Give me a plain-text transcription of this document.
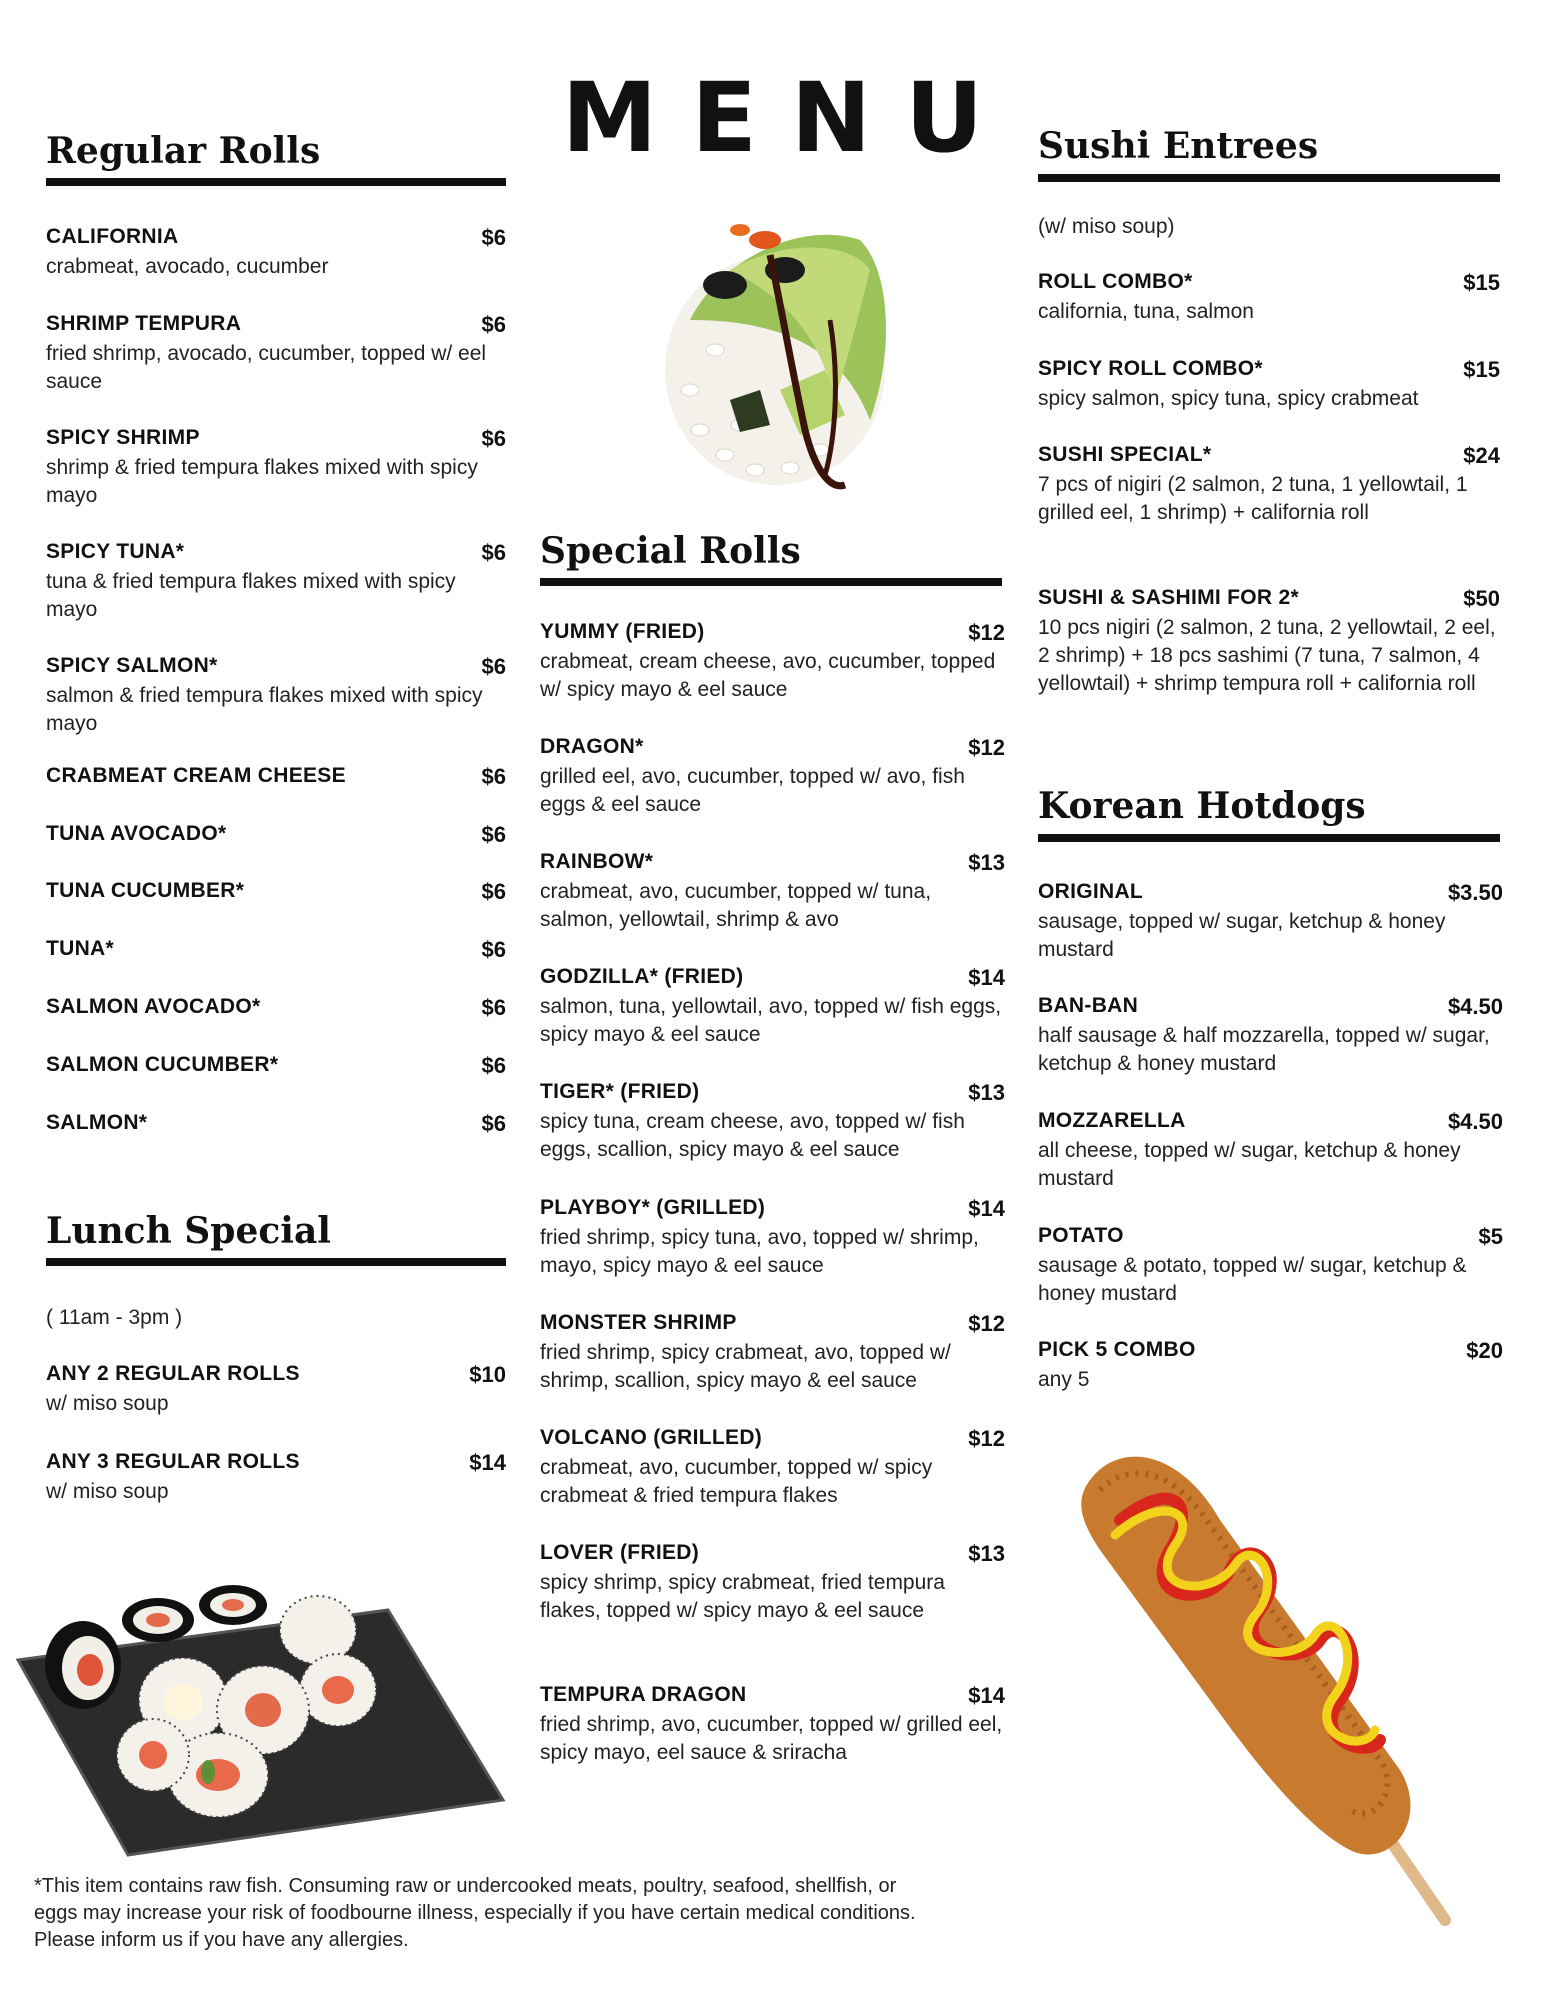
MENU
Regular Rolls
CALIFORNIA	$6
crabmeat, avocado, cucumber
SHRIMP TEMPURA	$6
fried shrimp, avocado, cucumber, topped w/ eel sauce
SPICY SHRIMP	$6
shrimp & fried tempura flakes mixed with spicy mayo
SPICY TUNA*	$6
tuna & fried tempura flakes mixed with spicy mayo
SPICY SALMON*	$6
salmon & fried tempura flakes mixed with spicy mayo
CRABMEAT CREAM CHEESE	$6
TUNA AVOCADO*	$6
TUNA CUCUMBER*	$6
TUNA*	$6
SALMON AVOCADO*	$6
SALMON CUCUMBER*	$6
SALMON*	$6
Lunch Special
( 11am - 3pm )
ANY 2 REGULAR ROLLS	$10
w/ miso soup
ANY 3 REGULAR ROLLS	$14
w/ miso soup
Special Rolls
YUMMY (FRIED)	$12
crabmeat, cream cheese, avo, cucumber, topped w/ spicy mayo & eel sauce
DRAGON*	$12
grilled eel, avo, cucumber, topped w/ avo, fish eggs & eel sauce
RAINBOW*	$13
crabmeat, avo, cucumber, topped w/ tuna, salmon, yellowtail, shrimp & avo
GODZILLA* (FRIED)	$14
salmon, tuna, yellowtail, avo, topped w/ fish eggs, spicy mayo & eel sauce
TIGER* (FRIED)	$13
spicy tuna, cream cheese, avo, topped w/ fish eggs, scallion, spicy mayo & eel sauce
PLAYBOY* (GRILLED)	$14
fried shrimp, spicy tuna, avo, topped w/ shrimp, mayo, spicy mayo & eel sauce
MONSTER SHRIMP	$12
fried shrimp, spicy crabmeat, avo, topped w/ shrimp, scallion, spicy mayo & eel sauce
VOLCANO (GRILLED)	$12
crabmeat, avo, cucumber, topped w/ spicy crabmeat & fried tempura flakes
LOVER (FRIED)	$13
spicy shrimp, spicy crabmeat, fried tempura flakes, topped w/ spicy mayo & eel sauce
TEMPURA DRAGON	$14
fried shrimp, avo, cucumber, topped w/ grilled eel, spicy mayo, eel sauce & sriracha
Sushi Entrees
(w/ miso soup)
ROLL COMBO*	$15
california, tuna, salmon
SPICY ROLL COMBO*	$15
spicy salmon, spicy tuna, spicy crabmeat
SUSHI SPECIAL*	$24
7 pcs of nigiri (2 salmon, 2 tuna, 1 yellowtail, 1 grilled eel, 1 shrimp) + california roll
SUSHI & SASHIMI FOR 2*	$50
10 pcs nigiri (2 salmon, 2 tuna, 2 yellowtail, 2 eel, 2 shrimp) + 18 pcs sashimi (7 tuna, 7 salmon, 4 yellowtail) + shrimp tempura roll + california roll
Korean Hotdogs
ORIGINAL	$3.50
sausage, topped w/ sugar, ketchup & honey mustard
BAN-BAN	$4.50
half sausage & half mozzarella, topped w/ sugar, ketchup & honey mustard
MOZZARELLA	$4.50
all cheese, topped w/ sugar, ketchup & honey mustard
POTATO	$5
sausage & potato, topped w/ sugar, ketchup & honey mustard
PICK 5 COMBO	$20
any 5
*This item contains raw fish. Consuming raw or undercooked meats, poultry, seafood, shellfish, or eggs may increase your risk of foodbourne illness, especially if you have certain medical conditions. Please inform us if you have any allergies.
